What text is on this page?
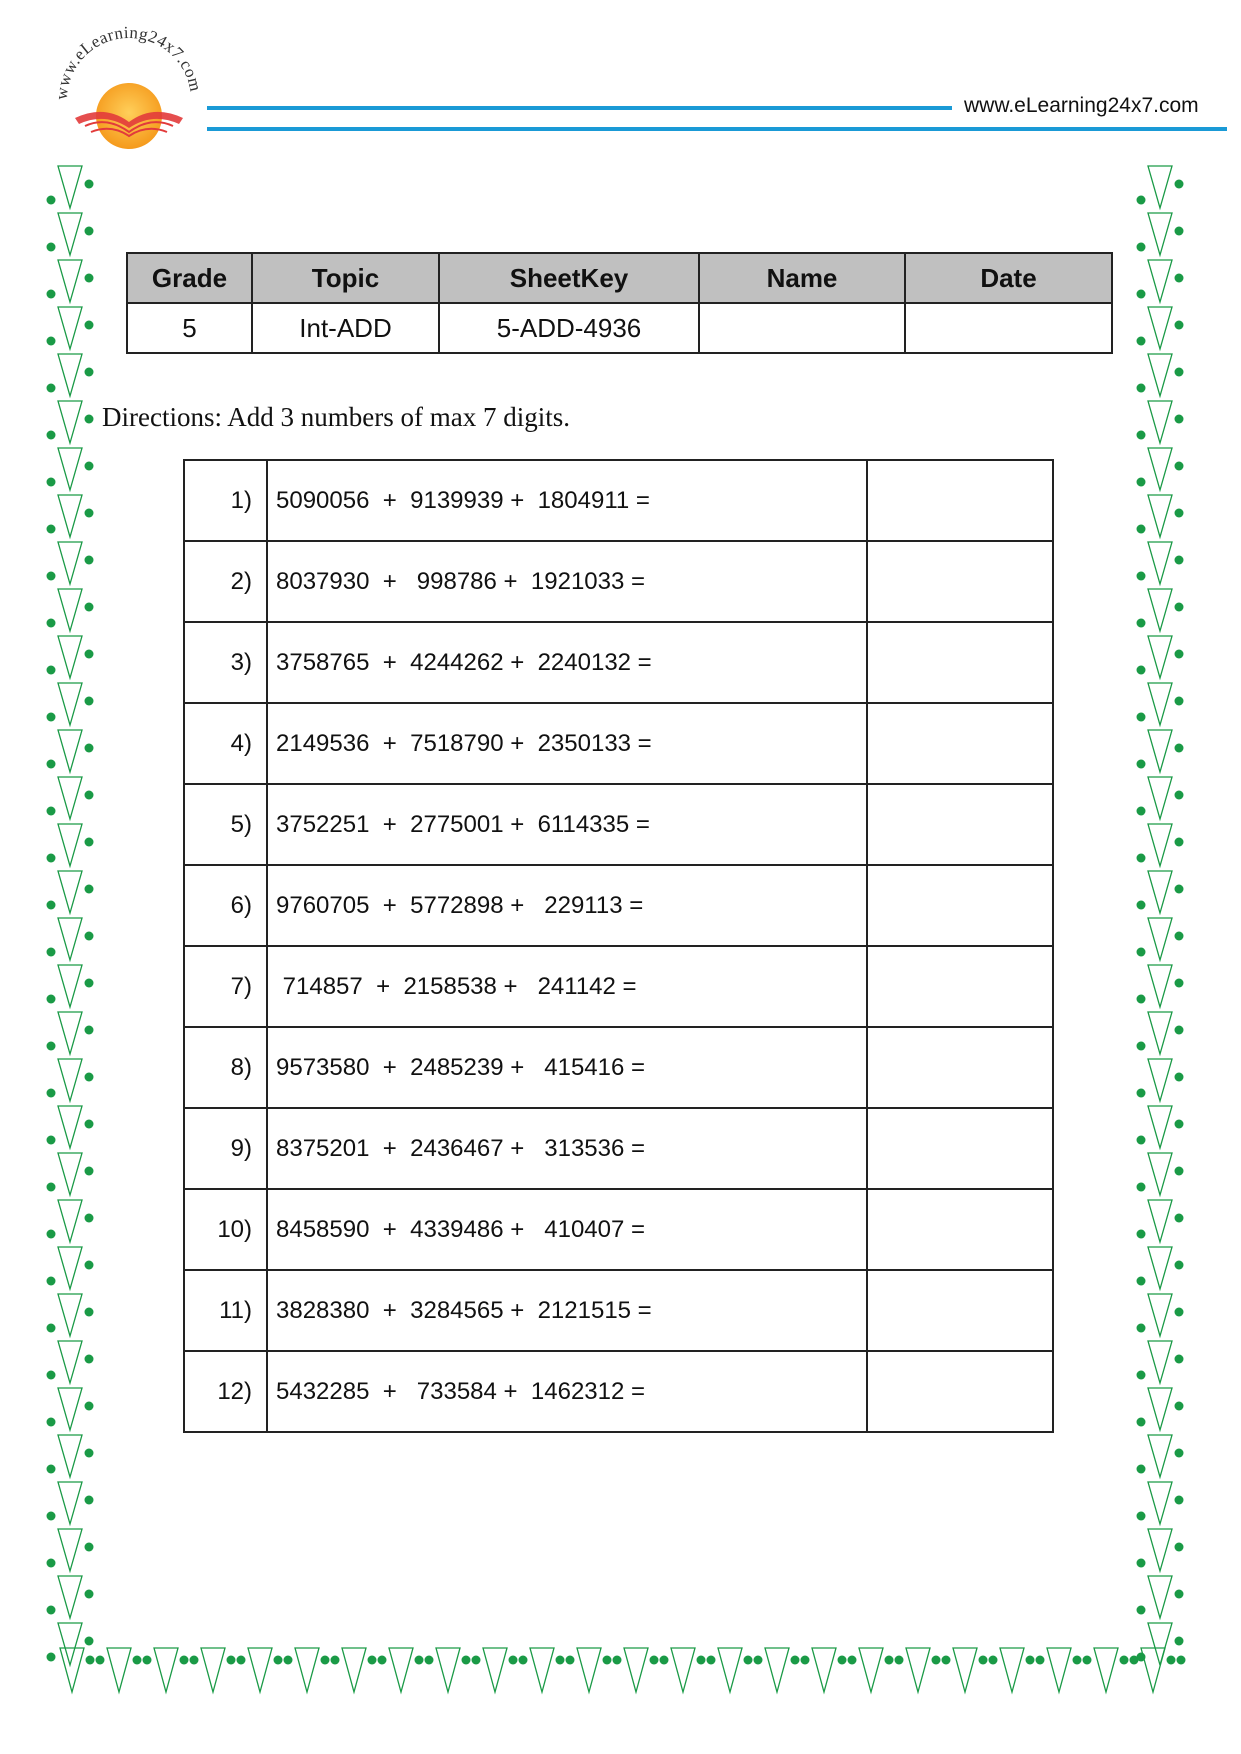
www.eLearning24x7.com
www.eLearning24x7.com
Grade	Topic	SheetKey	Name	Date
5	Int-ADD	5-ADD-4936		
Directions: Add 3 numbers of max 7 digits.
1)	5090056  +  9139939 +  1804911 =	
2)	8037930  +   998786 +  1921033 =	
3)	3758765  +  4244262 +  2240132 =	
4)	2149536  +  7518790 +  2350133 =	
5)	3752251  +  2775001 +  6114335 =	
6)	9760705  +  5772898 +   229113 =	
7)	714857  +  2158538 +   241142 =	
8)	9573580  +  2485239 +   415416 =	
9)	8375201  +  2436467 +   313536 =	
10)	8458590  +  4339486 +   410407 =	
11)	3828380  +  3284565 +  2121515 =	
12)	5432285  +   733584 +  1462312 =	
